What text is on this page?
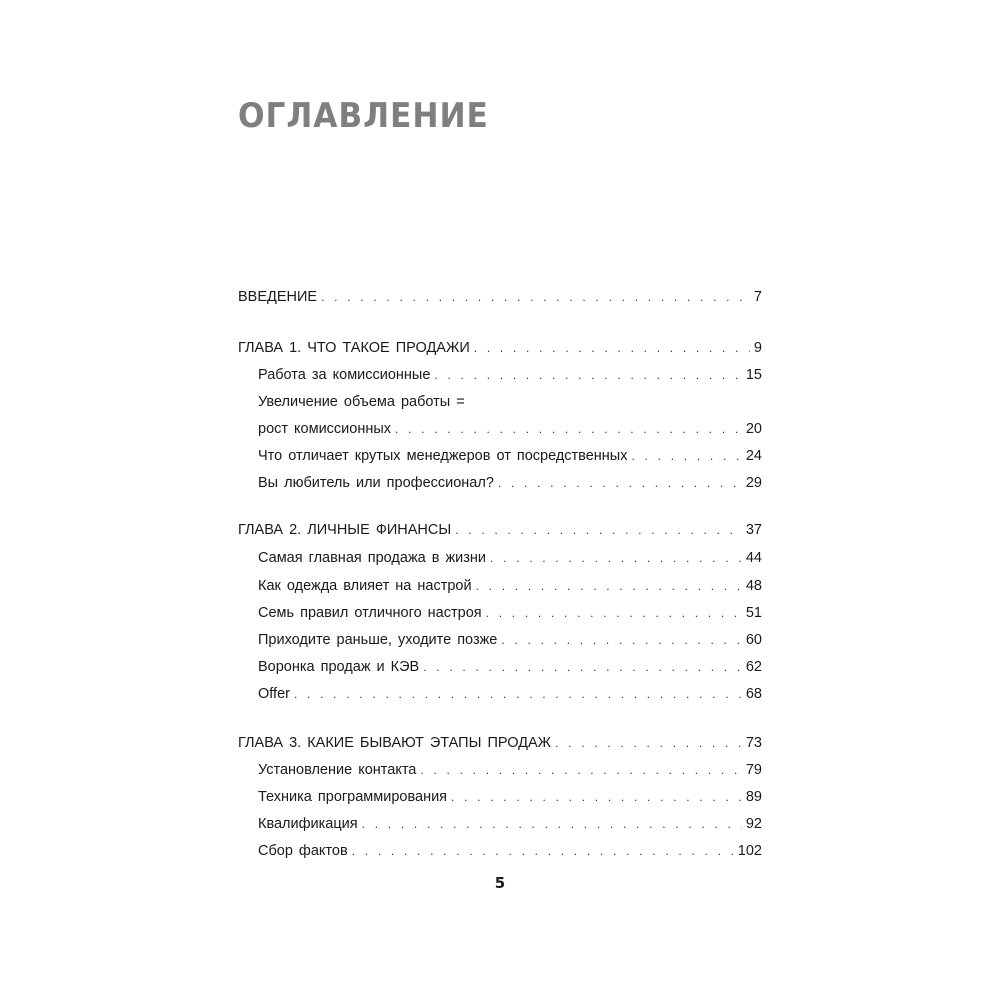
ОГЛАВЛЕНИЕ
ВВЕДЕНИЕ . . .	7
ГЛАВА 1. ЧТО ТАКОЕ ПРОДАЖИ . . .	9
Работа за комиссионные . . .	15
Увеличение объема работы =
рост комиссионных . . .	20
Что отличает крутых менеджеров от посредственных . . .	24
Вы любитель или профессионал? . . .	29
ГЛАВА 2. ЛИЧНЫЕ ФИНАНСЫ . . .	37
Самая главная продажа в жизни . . .	44
Как одежда влияет на настрой . . .	48
Семь правил отличного настроя . . .	51
Приходите раньше, уходите позже . . .	60
Воронка продаж и КЭВ . . .	62
Offer . . .	68
ГЛАВА 3. КАКИЕ БЫВАЮТ ЭТАПЫ ПРОДАЖ . . .	73
Установление контакта . . .	79
Техника программирования . . .	89
Квалификация . . .	92
Сбор фактов . . .	102
5
